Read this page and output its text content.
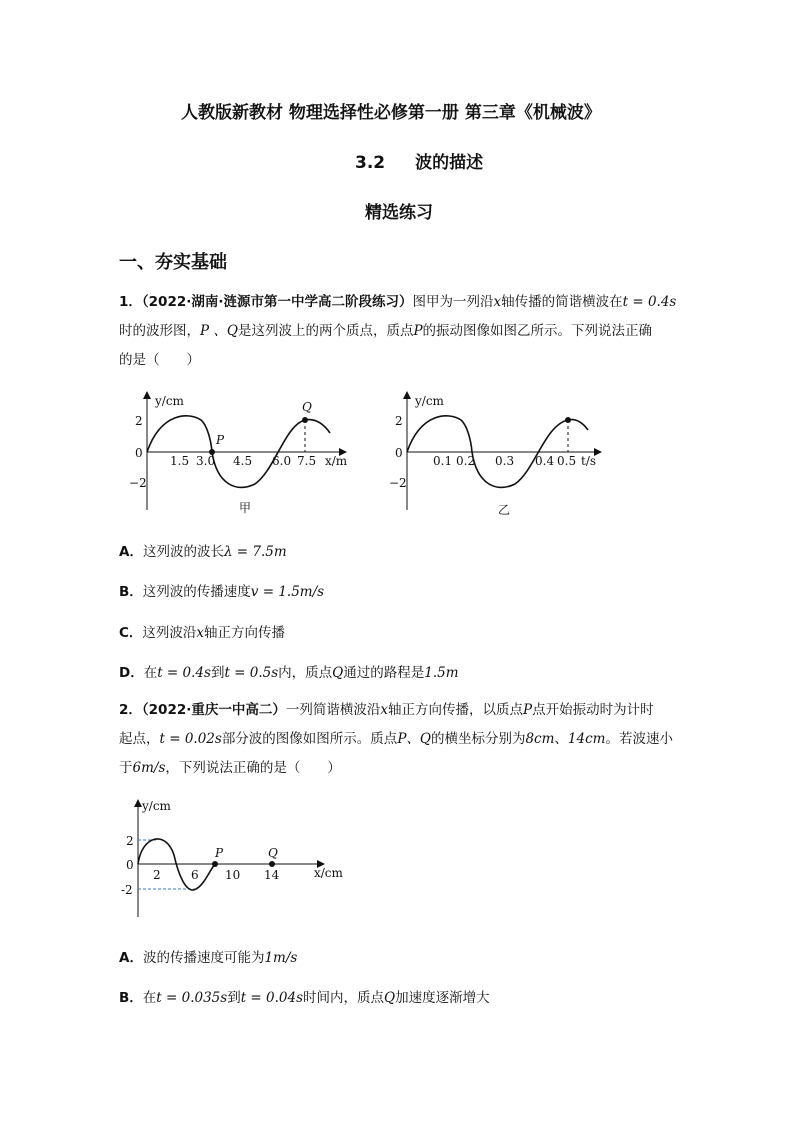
人教版新教材 物理选择性必修第一册 第三章《机械波》
3.2 波的描述
精选练习
一、夯实基础
1．（2022·湖南·涟源市第一中学高二阶段练习）图甲为一列沿x轴传播的简谐横波在t = 0.4s
时的波形图，P 、Q是这列波上的两个质点，质点P的振动图像如图乙所示。下列说法正确
的是（　　）
y/cm
x/m
2
0
−2
1.5 3.0 4.5 6.0 7.5
P
Q
甲
y/cm
t/s
2
0
−2
0.1 0.2 0.3 0.4 0.5
乙
A．这列波的波长λ = 7.5m
B．这列波的传播速度v = 1.5m/s
C．这列波沿x轴正方向传播
D．在t = 0.4s到t = 0.5s内，质点Q通过的路程是1.5m
2．（2022·重庆一中高二）一列简谐横波沿x轴正方向传播，以质点P点开始振动时为计时
起点，t = 0.02s部分波的图像如图所示。质点P、Q的横坐标分别为8cm、14cm。若波速小
于6m/s，下列说法正确的是（　　）
y/cm
x/cm
2
0
-2
2	6 10 14
P	Q
A．波的传播速度可能为1m/s
B．在t = 0.035s到t = 0.04s时间内，质点Q加速度逐渐增大
